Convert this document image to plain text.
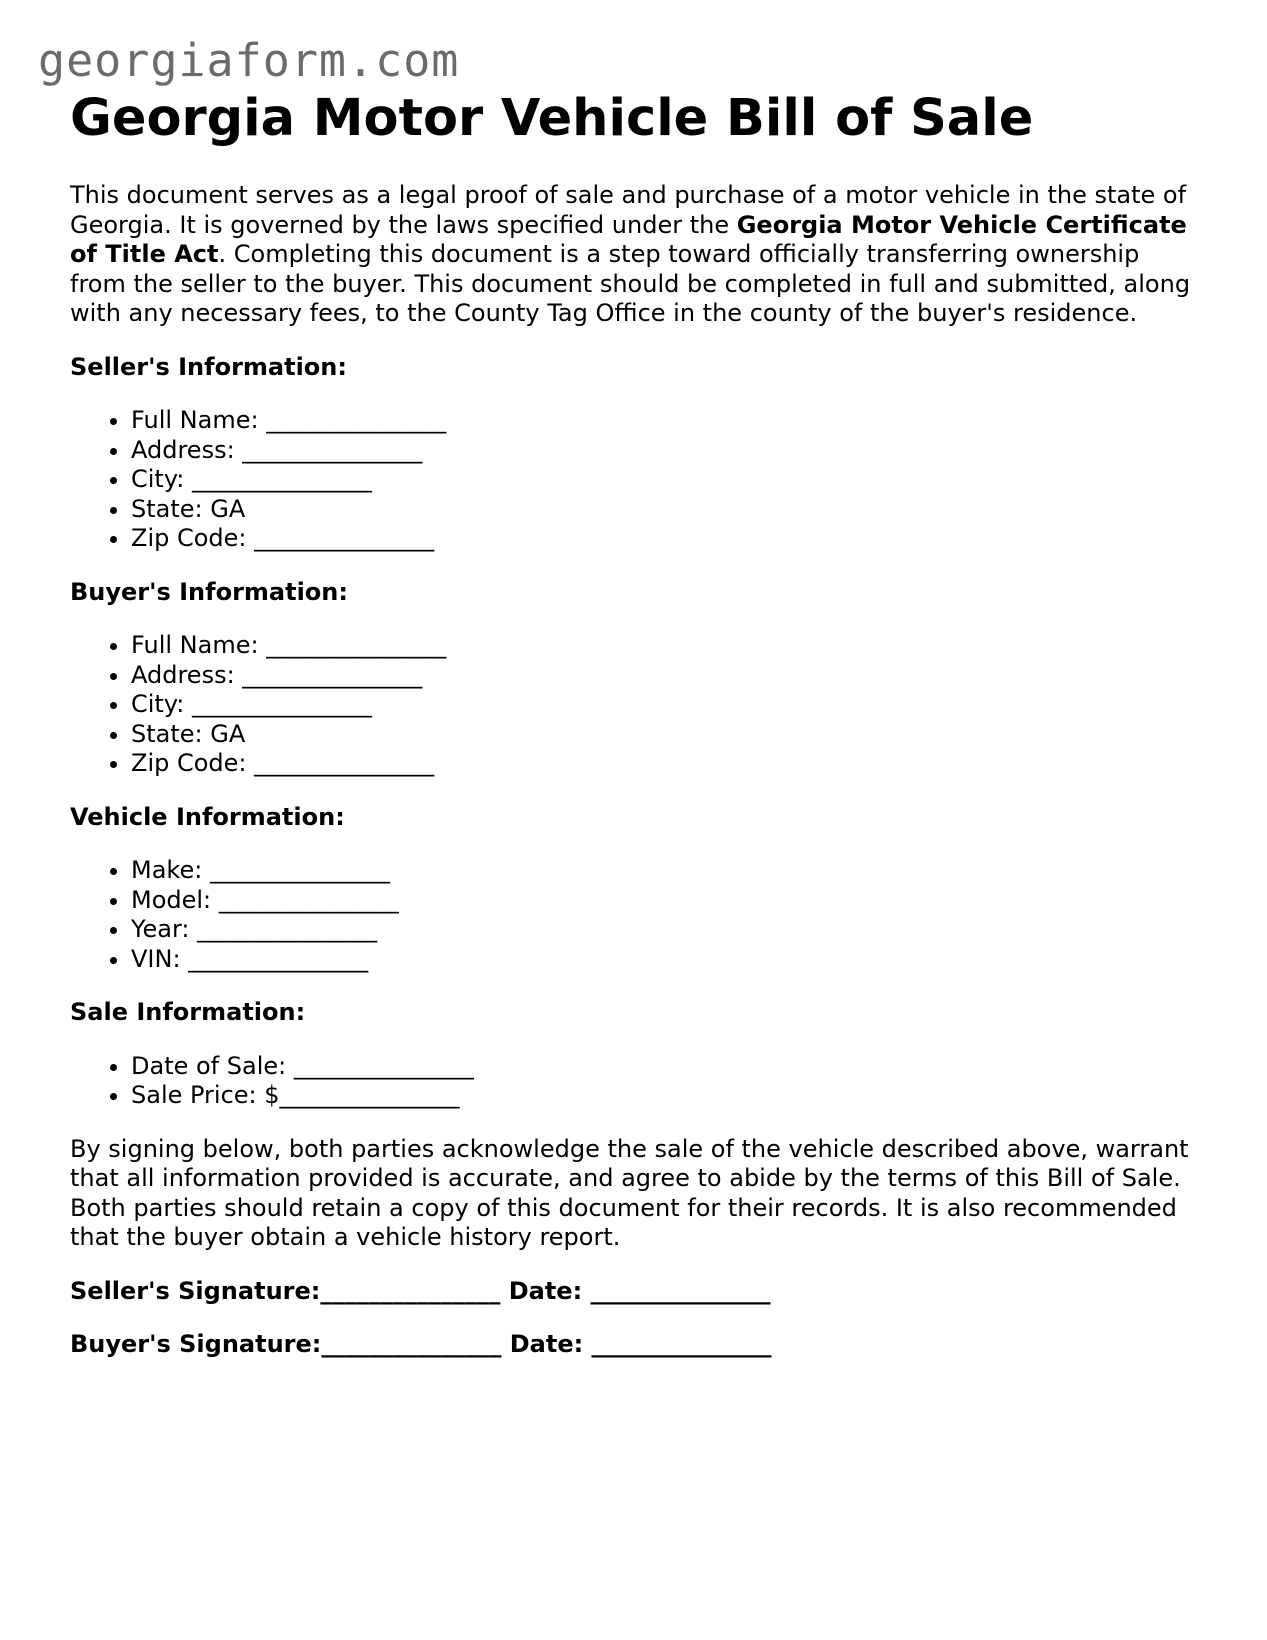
georgiaform.com
Georgia Motor Vehicle Bill of Sale

This document serves as a legal proof of sale and purchase of a motor vehicle in the state of Georgia. It is governed by the laws specified under the Georgia Motor Vehicle Certificate of Title Act. Completing this document is a step toward officially transferring ownership from the seller to the buyer. This document should be completed in full and submitted, along with any necessary fees, to the County Tag Office in the county of the buyer's residence.

Seller's Information:

• Full Name: _______________
• Address: _______________
• City: _______________
• State: GA
• Zip Code: _______________

Buyer's Information:

• Full Name: _______________
• Address: _______________
• City: _______________
• State: GA
• Zip Code: _______________

Vehicle Information:

• Make: _______________
• Model: _______________
• Year: _______________
• VIN: _______________

Sale Information:

• Date of Sale: _______________
• Sale Price: $_______________

By signing below, both parties acknowledge the sale of the vehicle described above, warrant that all information provided is accurate, and agree to abide by the terms of this Bill of Sale. Both parties should retain a copy of this document for their records. It is also recommended that the buyer obtain a vehicle history report.

Seller's Signature:_______________ Date: _______________

Buyer's Signature:_______________ Date: _______________
